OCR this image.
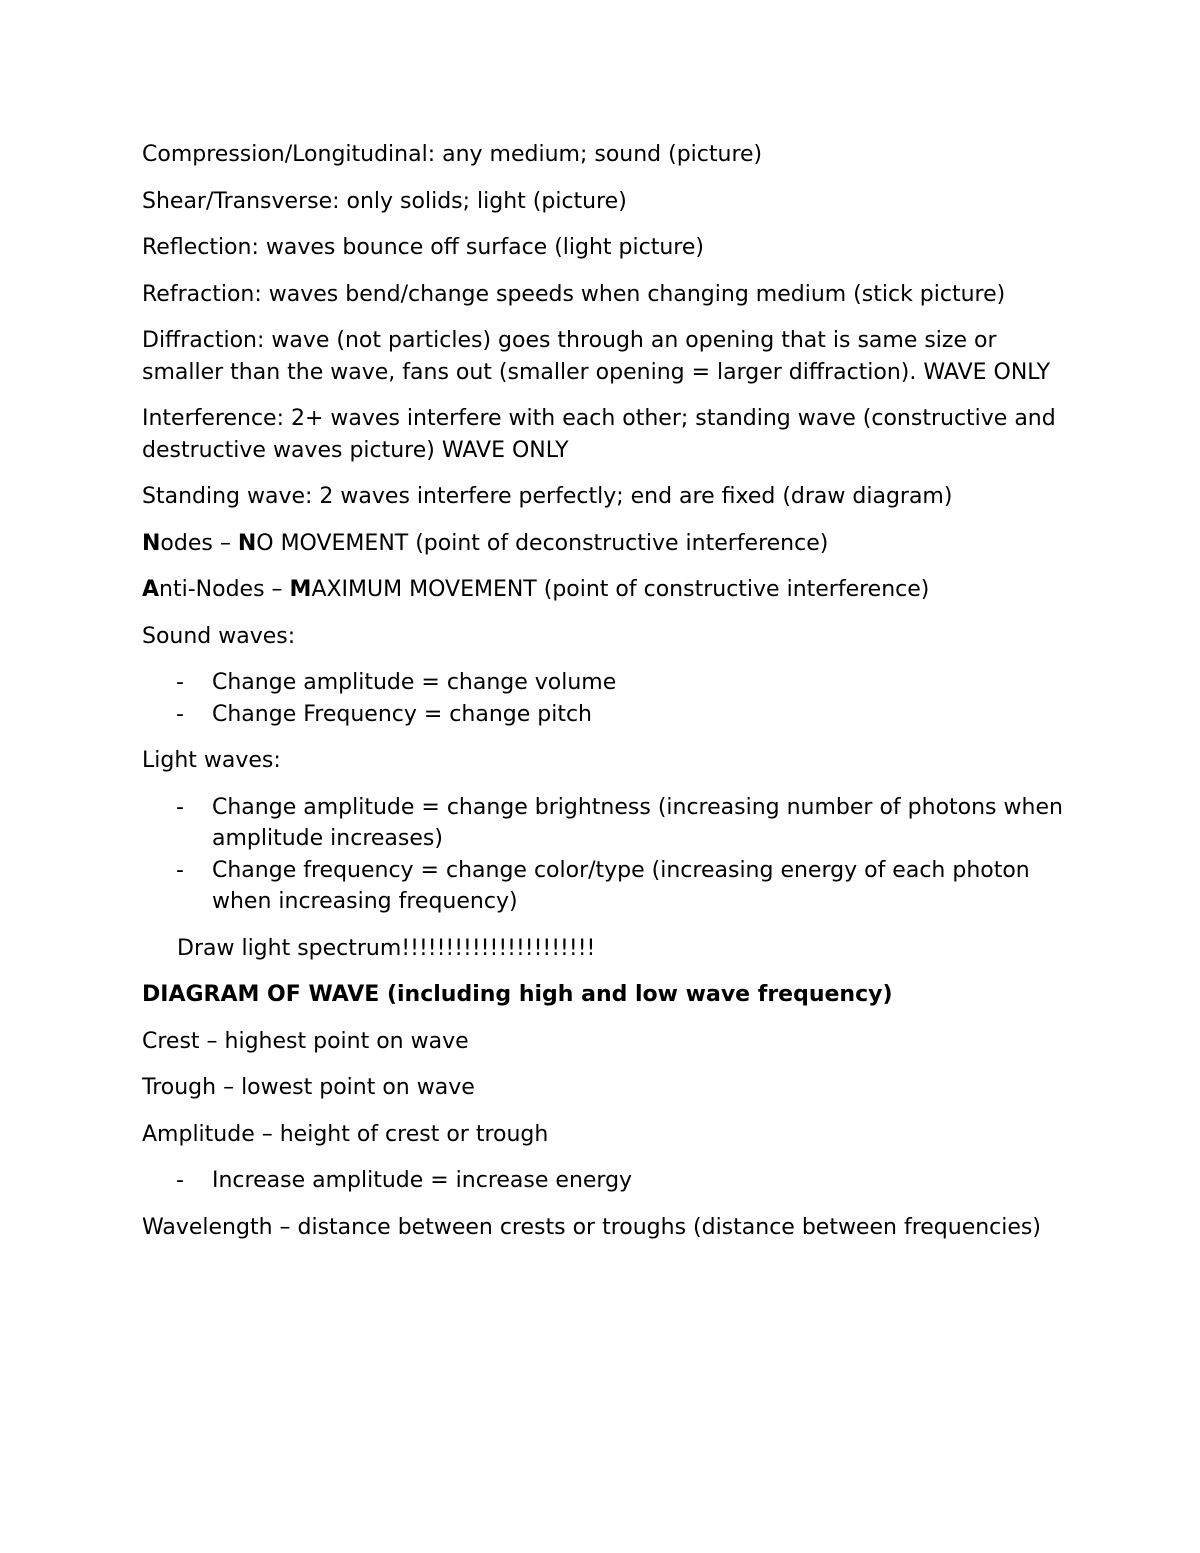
Compression/Longitudinal: any medium; sound (picture)

Shear/Transverse: only solids; light (picture)

Reflection: waves bounce off surface (light picture)

Refraction: waves bend/change speeds when changing medium (stick picture)

Diffraction: wave (not particles) goes through an opening that is same size or smaller than the wave, fans out (smaller opening = larger diffraction). WAVE ONLY

Interference: 2+ waves interfere with each other; standing wave (constructive and destructive waves picture) WAVE ONLY

Standing wave: 2 waves interfere perfectly; end are fixed (draw diagram)

Nodes – NO MOVEMENT (point of deconstructive interference)

Anti-Nodes – MAXIMUM MOVEMENT (point of constructive interference)

Sound waves:

- Change amplitude = change volume
- Change Frequency = change pitch

Light waves:

- Change amplitude = change brightness (increasing number of photons when amplitude increases)
- Change frequency = change color/type (increasing energy of each photon when increasing frequency)

Draw light spectrum!!!!!!!!!!!!!!!!!!!!!!

DIAGRAM OF WAVE (including high and low wave frequency)

Crest – highest point on wave

Trough – lowest point on wave

Amplitude – height of crest or trough

- Increase amplitude = increase energy

Wavelength – distance between crests or troughs (distance between frequencies)
